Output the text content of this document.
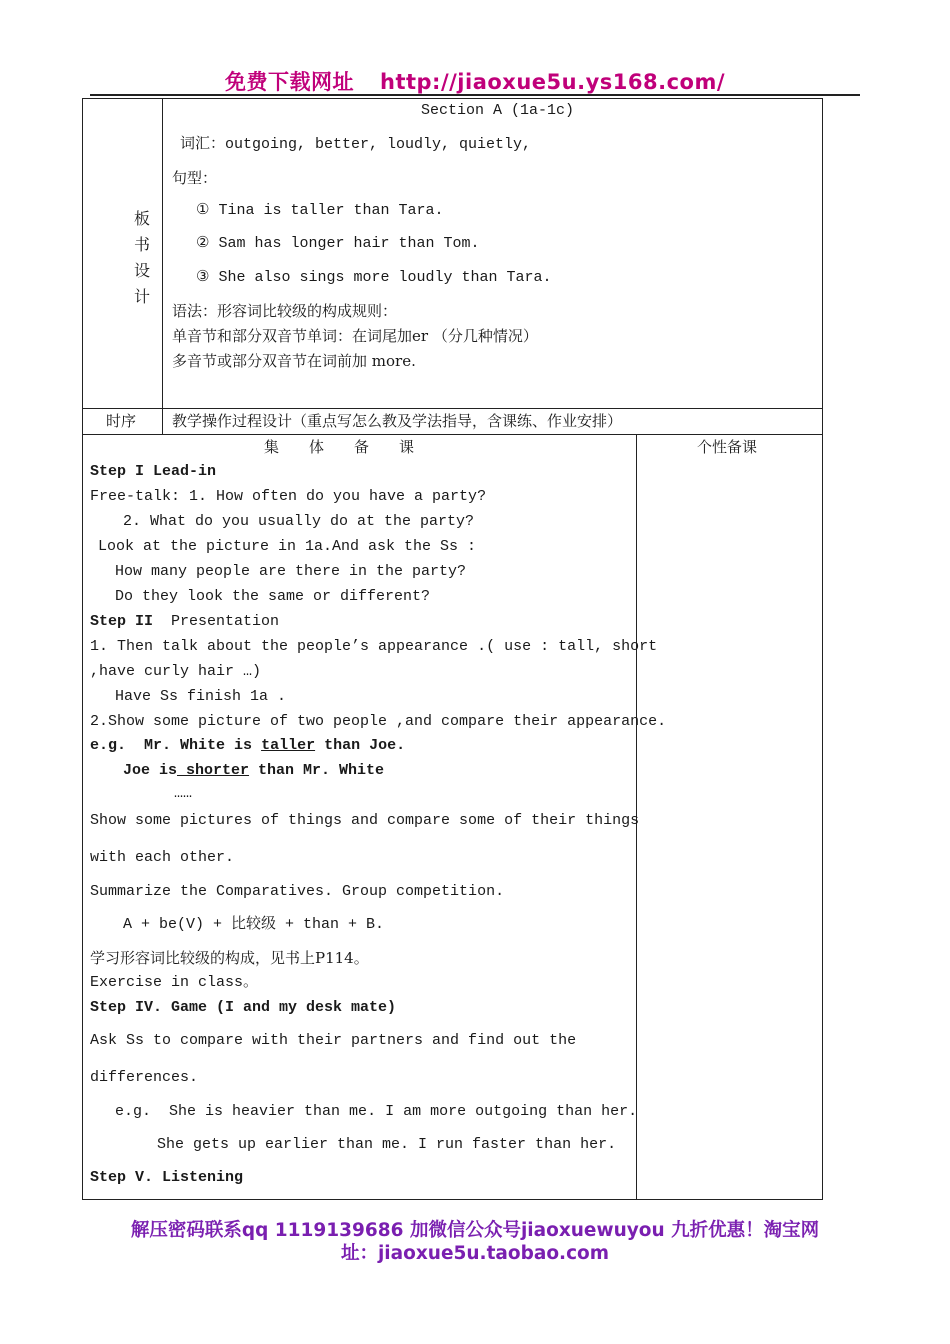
免费下载网址 http://jiaoxue5u.ys168.com/
板
书
设
计
Section A (1a-1c)
词汇：outgoing, better, loudly, quietly,
句型：
① Tina is taller than Tara.
② Sam has longer hair than Tom.
③ She also sings more loudly than Tara.
语法：形容词比较级的构成规则：
单音节和部分双音节单词：在词尾加er （分几种情况）
多音节或部分双音节在词前加 more.
时序 教学操作过程设计（重点写怎么教及学法指导，含课练、作业安排）
集　　体　　备　　课	个性备课
Step I Lead-in
Free-talk: 1. How often do you have a party?
2. What do you usually do at the party?
Look at the picture in 1a.And ask the Ss :
How many people are there in the party?
Do they look the same or different?
Step II Presentation
1. Then talk about the people’s appearance .( use : tall, short
,have curly hair …)
Have Ss finish 1a .
2.Show some picture of two people ,and compare their appearance.
e.g. Mr. White is taller than Joe.
Joe is shorter than Mr. White
……
Show some pictures of things and compare some of their things
with each other.
Summarize the Comparatives. Group competition.
A + be(V) + 比较级 + than + B.
学习形容词比较级的构成，见书上P114。
Exercise in class。
Step IV. Game (I and my desk mate)
Ask Ss to compare with their partners and find out the
differences.
e.g. She is heavier than me. I am more outgoing than her.
She gets up earlier than me. I run faster than her.
Step V. Listening
解压密码联系qq 1119139686 加微信公众号jiaoxuewuyou 九折优惠！淘宝网
址：jiaoxue5u.taobao.com
